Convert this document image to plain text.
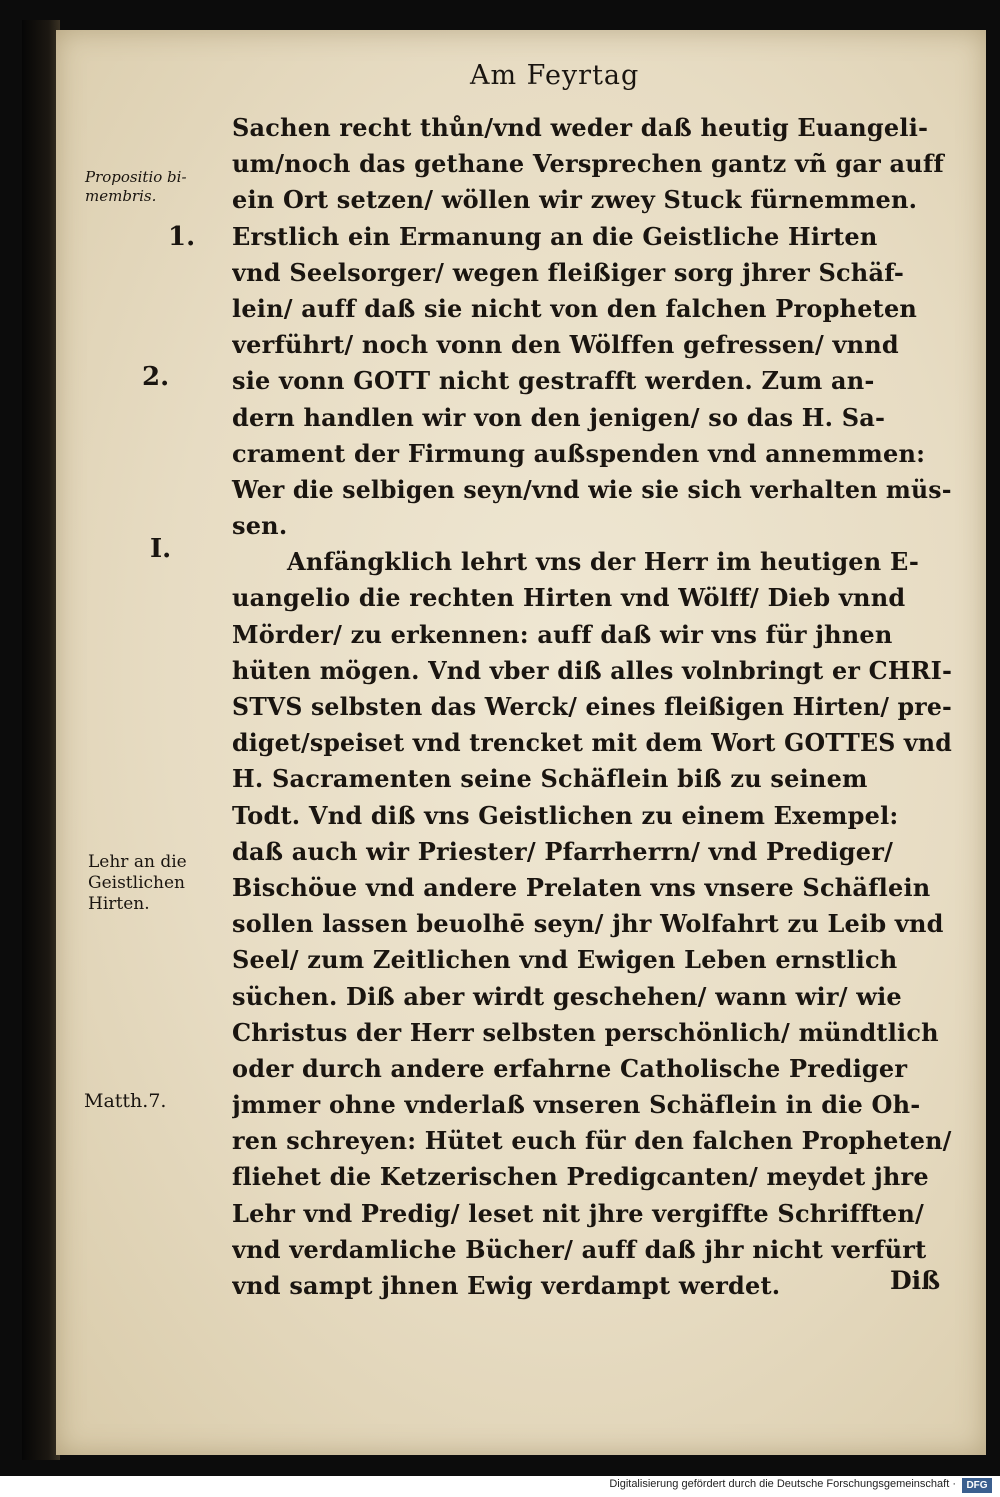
Am Feyrtag
Sachen recht thůn/vnd weder daß heutig Euangeli-
um/noch das gethane Versprechen gantz vñ gar auff
ein Ort setzen/ wöllen wir zwey Stuck fürnemmen.
Erstlich ein Ermanung an die Geistliche Hirten
vnd Seelsorger/ wegen fleißiger sorg jhrer Schäf-
lein/ auff daß sie nicht von den falchen Propheten
verführt/ noch vonn den Wölffen gefressen/ vnnd
sie vonn GOTT nicht gestrafft werden. Zum an-
dern handlen wir von den jenigen/ so das H. Sa-
crament der Firmung außspenden vnd annemmen:
Wer die selbigen seyn/vnd wie sie sich verhalten müs-
sen.
Anfängklich lehrt vns der Herr im heutigen E-
uangelio die rechten Hirten vnd Wölff/ Dieb vnnd
Mörder/ zu erkennen: auff daß wir vns für jhnen
hüten mögen. Vnd vber diß alles volnbringt er CHRI-
STVS selbsten das Werck/ eines fleißigen Hirten/ pre-
diget/speiset vnd trencket mit dem Wort GOTTES vnd
H. Sacramenten seine Schäflein biß zu seinem
Todt. Vnd diß vns Geistlichen zu einem Exempel:
daß auch wir Priester/ Pfarrherrn/ vnd Prediger/
Bischöue vnd andere Prelaten vns vnsere Schäflein
sollen lassen beuolhē seyn/ jhr Wolfahrt zu Leib vnd
Seel/ zum Zeitlichen vnd Ewigen Leben ernstlich
süchen. Diß aber wirdt geschehen/ wann wir/ wie
Christus der Herr selbsten perschönlich/ mündtlich
oder durch andere erfahrne Catholische Prediger
jmmer ohne vnderlaß vnseren Schäflein in die Oh-
ren schreyen: Hütet euch für den falchen Propheten/
fliehet die Ketzerischen Predigcanten/ meydet jhre
Lehr vnd Predig/ leset nit jhre vergiffte Schrifften/
vnd verdamliche Bücher/ auff daß jhr nicht verfürt
vnd sampt jhnen Ewig verdampt werdet.
Propositio bi-
membris.
1.
2.
I.
Lehr an die
Geistlichen
Hirten.
Matth.7.
Diß
Digitalisierung gefördert durch die Deutsche Forschungsgemeinschaft ·	DFG
